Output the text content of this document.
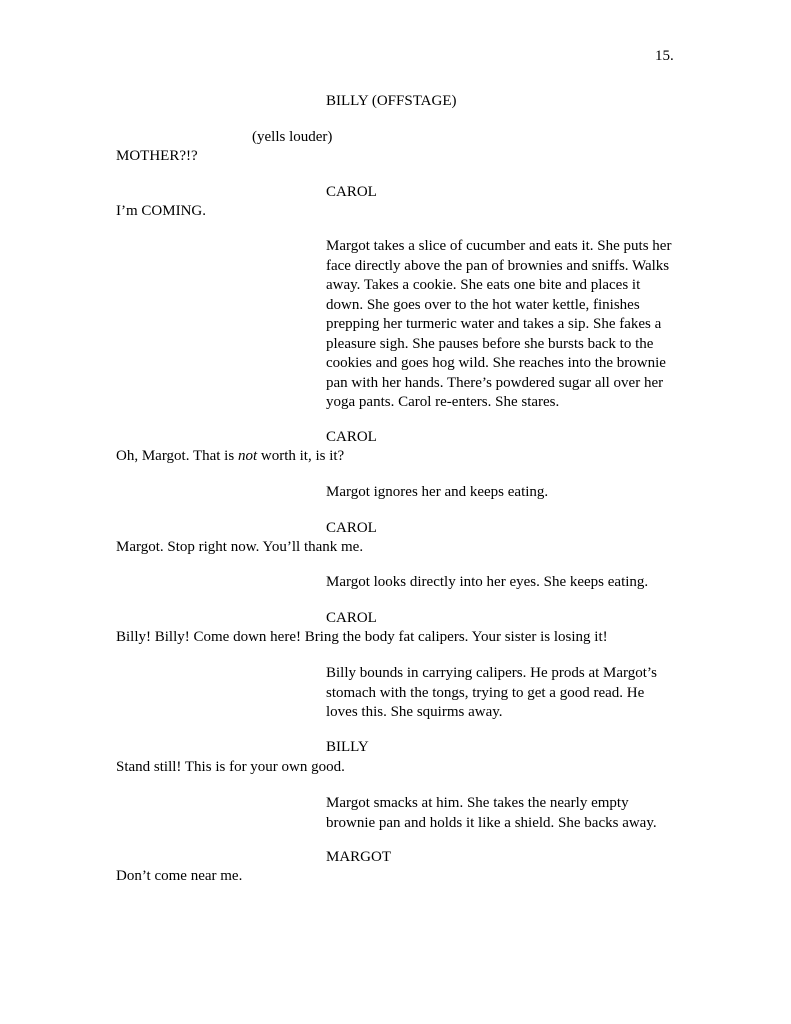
15.
BILLY (OFFSTAGE)
(yells louder)
MOTHER?!?
CAROL
I’m COMING.
Margot takes a slice of cucumber and eats it. She puts her
face directly above the pan of brownies and sniffs. Walks
away. Takes a cookie. She eats one bite and places it
down. She goes over to the hot water kettle, finishes
prepping her turmeric water and takes a sip. She fakes a
pleasure sigh. She pauses before she bursts back to the
cookies and goes hog wild. She reaches into the brownie
pan with her hands. There’s powdered sugar all over her
yoga pants. Carol re-enters. She stares.
CAROL
Oh, Margot. That is not worth it, is it?
Margot ignores her and keeps eating.
CAROL
Margot. Stop right now. You’ll thank me.
Margot looks directly into her eyes. She keeps eating.
CAROL
Billy! Billy! Come down here! Bring the body fat calipers. Your sister is losing it!
Billy bounds in carrying calipers. He prods at Margot’s
stomach with the tongs, trying to get a good read. He
loves this. She squirms away.
BILLY
Stand still! This is for your own good.
Margot smacks at him. She takes the nearly empty
brownie pan and holds it like a shield. She backs away.
MARGOT
Don’t come near me.
